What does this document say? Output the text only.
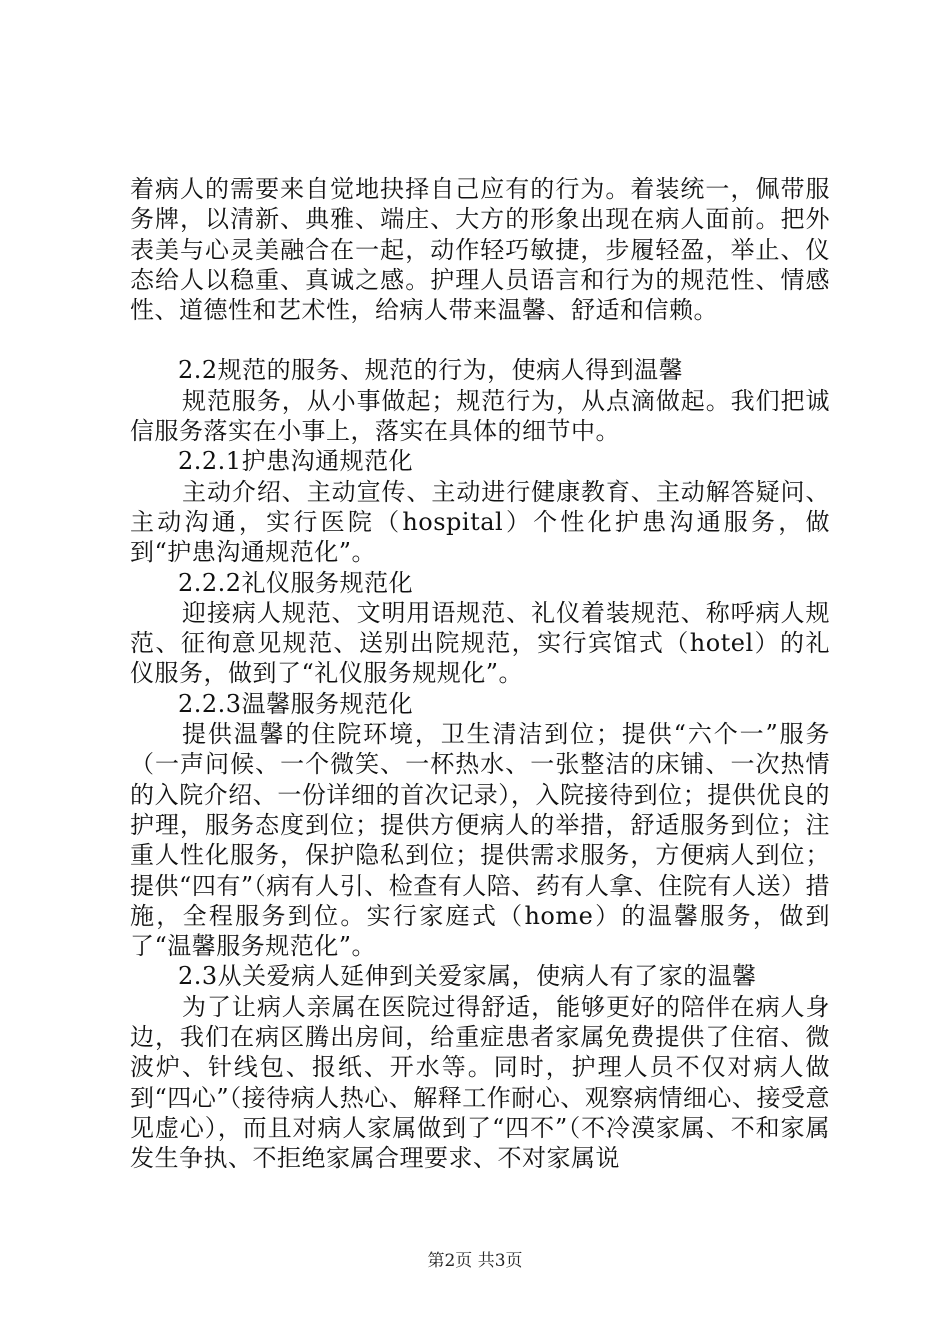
着病人的需要来自觉地抉择自己应有的行为。着装统一，佩带服务牌，以清新、典雅、端庄、大方的形象出现在病人面前。把外表美与心灵美融合在一起，动作轻巧敏捷，步履轻盈，举止、仪态给人以稳重、真诚之感。护理人员语言和行为的规范性、情感性、道德性和艺术性，给病人带来温馨、舒适和信赖。

2.2规范的服务、规范的行为，使病人得到温馨

规范服务，从小事做起；规范行为，从点滴做起。我们把诚信服务落实在小事上，落实在具体的细节中。

2.2.1护患沟通规范化

主动介绍、主动宣传、主动进行健康教育、主动解答疑问、主动沟通，实行医院（hospital）个性化护患沟通服务，做到“护患沟通规范化”。

2.2.2礼仪服务规范化

迎接病人规范、文明用语规范、礼仪着装规范、称呼病人规范、征徇意见规范、送别出院规范，实行宾馆式（hotel）的礼仪服务，做到了“礼仪服务规规化”。

2.2.3温馨服务规范化

提供温馨的住院环境，卫生清洁到位；提供“六个一”服务（一声问候、一个微笑、一杯热水、一张整洁的床铺、一次热情的入院介绍、一份详细的首次记录），入院接待到位；提供优良的护理，服务态度到位；提供方便病人的举措，舒适服务到位；注重人性化服务，保护隐私到位；提供需求服务，方便病人到位；提供“四有”（病有人引、检查有人陪、药有人拿、住院有人送）措施，全程服务到位。实行家庭式（home）的温馨服务，做到了“温馨服务规范化”。

2.3从关爱病人延伸到关爱家属，使病人有了家的温馨

为了让病人亲属在医院过得舒适，能够更好的陪伴在病人身边，我们在病区腾出房间，给重症患者家属免费提供了住宿、微波炉、针线包、报纸、开水等。同时，护理人员不仅对病人做到“四心”（接待病人热心、解释工作耐心、观察病情细心、接受意见虚心），而且对病人家属做到了“四不”（不冷漠家属、不和家属发生争执、不拒绝家属合理要求、不对家属说

第2页 共3页
